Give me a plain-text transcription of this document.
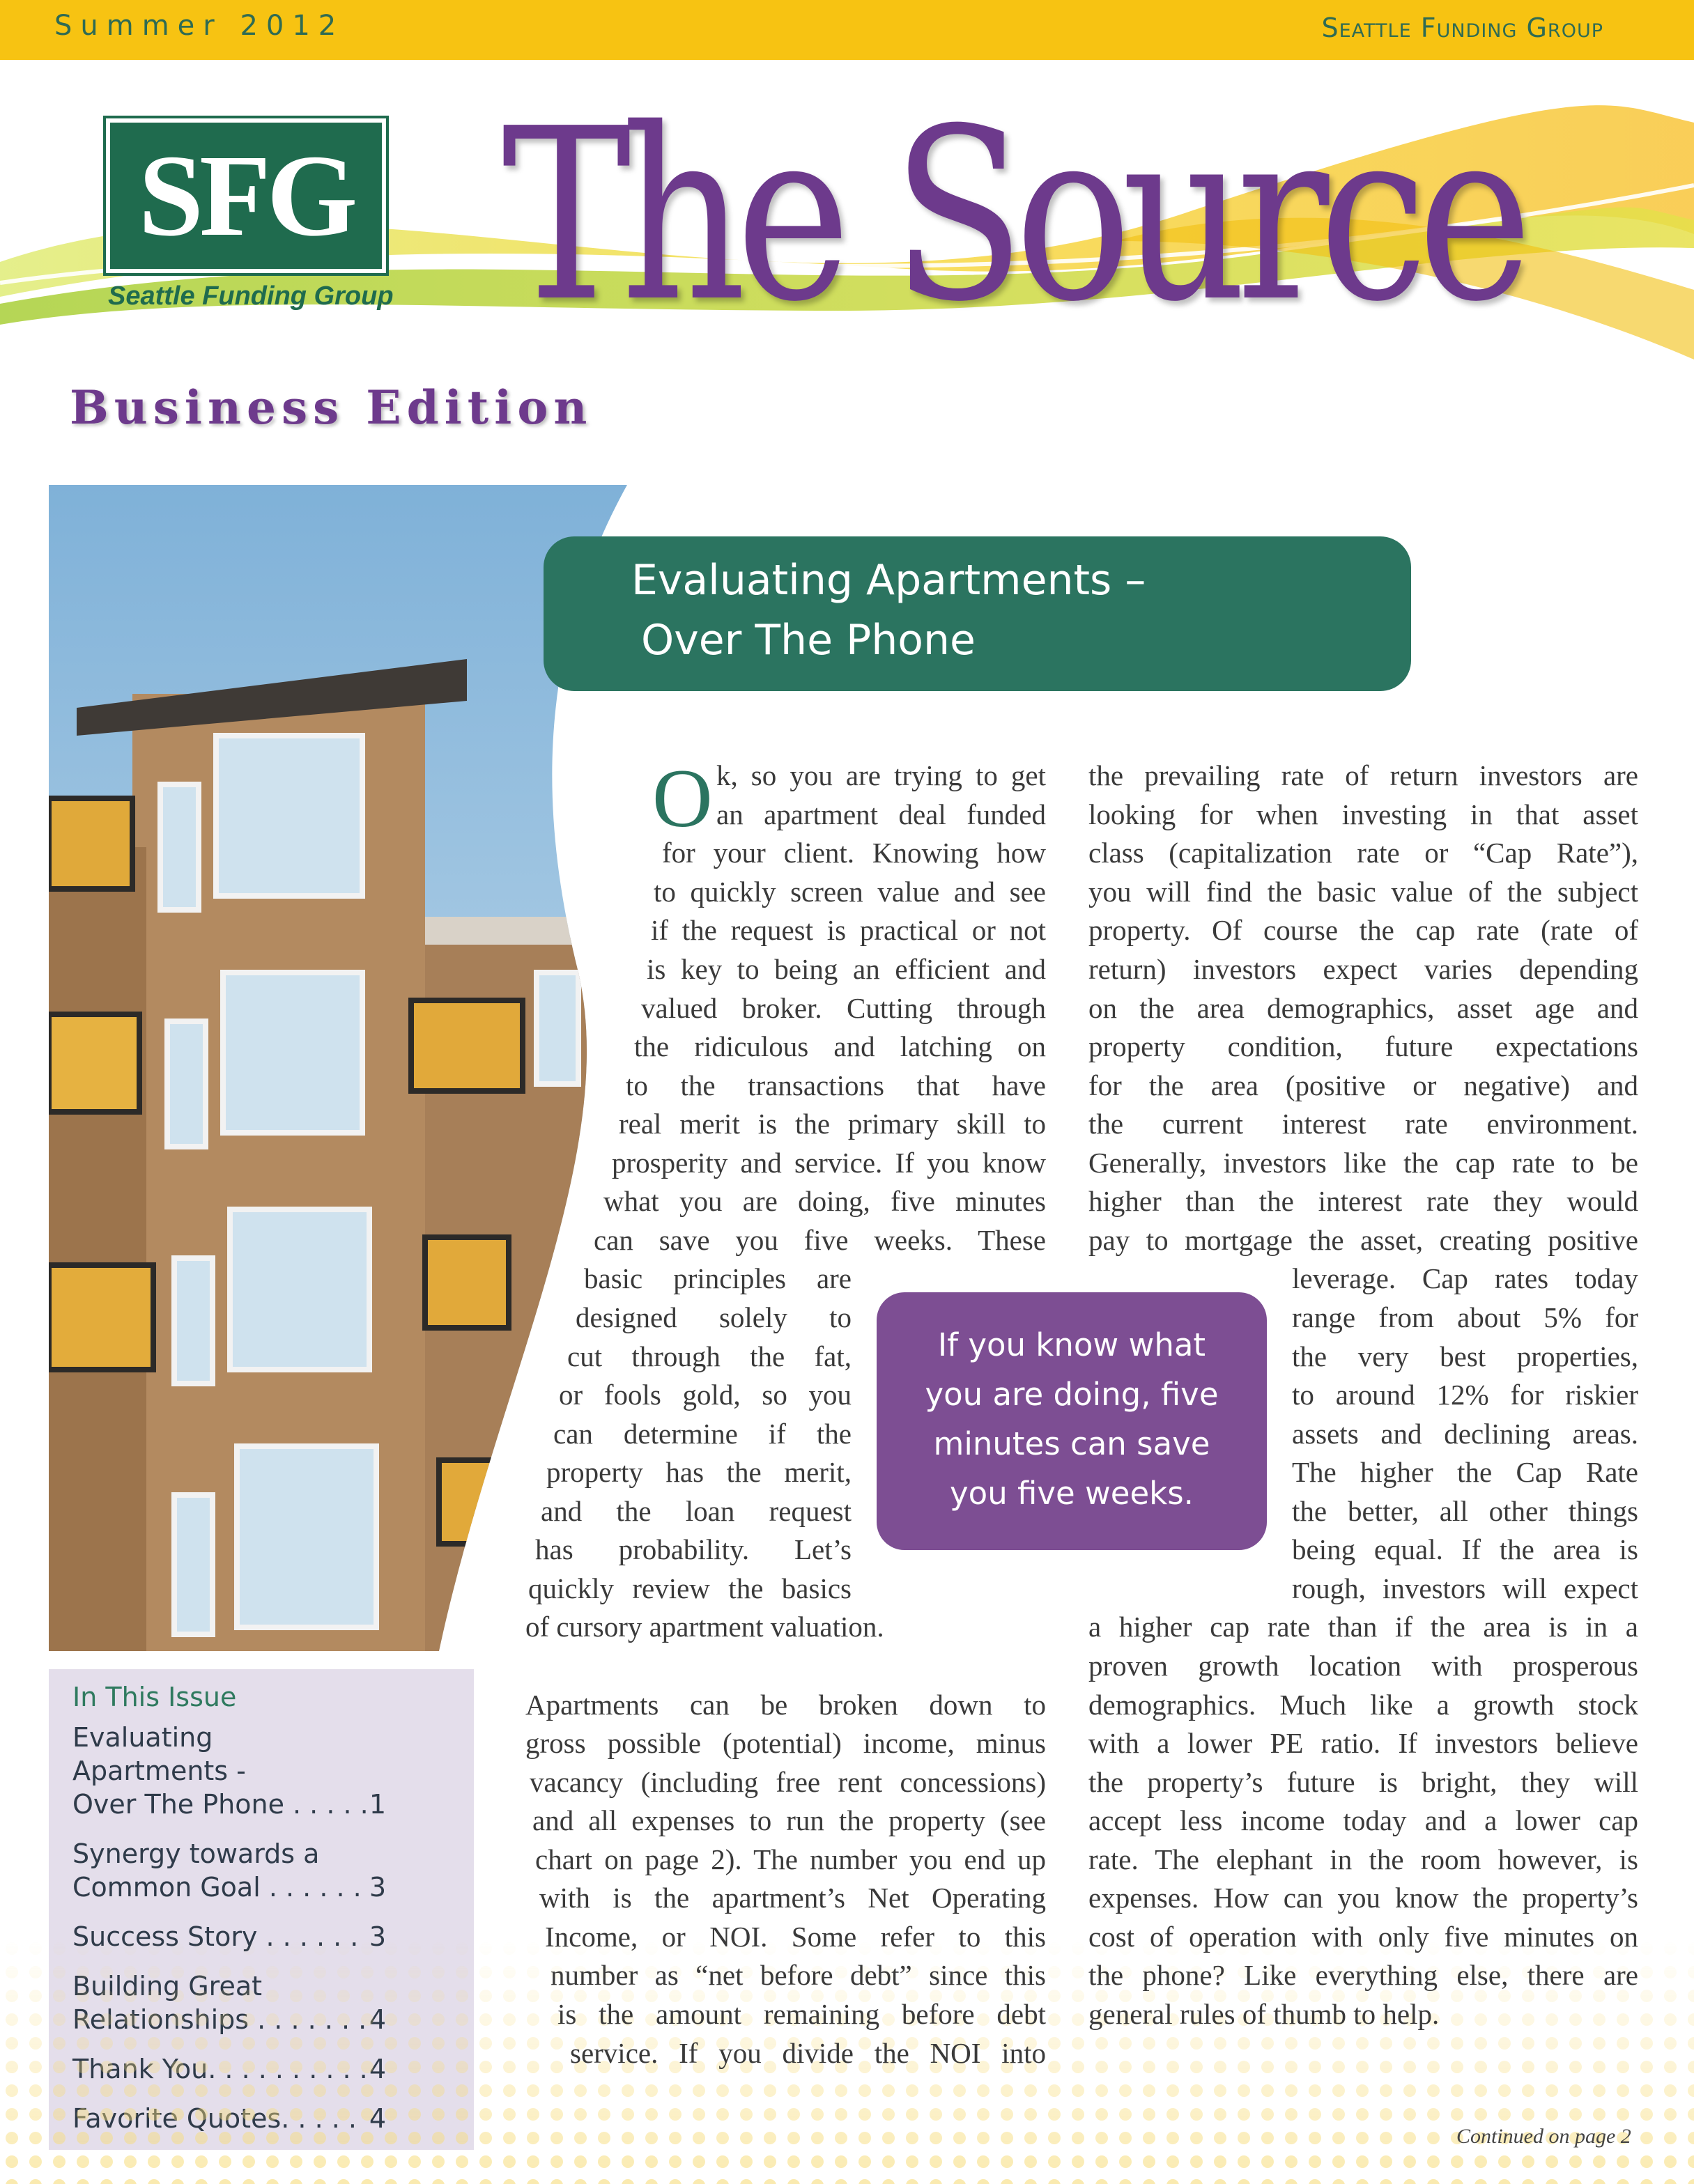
Summer 2012	Seattle Funding Group
SFG
Seattle Funding Group The Source
Business Edition
In This Issue
Evaluating
Apartments -
Over The Phone . . . . . 1
Synergy towards a
Common Goal . . . . . . 3
Evaluating Apartments –
Over The Phone
O k, so you are trying to get
an apartment deal funded
for your client. Knowing how
to quickly screen value and see
if the request is practical or not
is key to being an efficient and
valued broker. Cutting through
the ridiculous and latching on
to the transactions that have
real merit is the primary skill to
prosperity and service. If you know
what you are doing, five minutes
can save you five weeks. These
basic principles are
designed solely to
cut through the fat,
or fools gold, so you
can determine if the
property has the merit,
and the loan request
has probability. Let’s
quickly review the basics
of cursory apartment valuation.
Apartments can be broken down to
gross possible (potential) income, minus
vacancy (including free rent concessions)
and all expenses to run the property (see
chart on page 2). The number you end up
with is the apartment’s Net Operating
Income, or NOI. Some refer to this
number as “net before debt” since this
is the amount remaining before debt
service. If you divide the NOI into
the prevailing rate of return investors are
looking for when investing in that asset
class (capitalization rate or “Cap Rate”),
you will find the basic value of the subject
property. Of course the cap rate (rate of
return) investors expect varies depending
on the area demographics, asset age and
property condition, future expectations
for the area (positive or negative) and
the current interest rate environment.
Generally, investors like the cap rate to be
higher than the interest rate they would
pay to mortgage the asset, creating positive
leverage. Cap rates today
range from about 5% for
the very best properties,
to around 12% for riskier
assets and declining areas.
The higher the Cap Rate
the better, all other things
being equal. If the area is
rough, investors will expect
a higher cap rate than if the area is in a
proven growth location with prosperous
demographics. Much like a growth stock
with a lower PE ratio. If investors believe
the property’s future is bright, they will
accept less income today and a lower cap
rate. The elephant in the room however, is
expenses. How can you know the property’s
cost of operation with only five minutes on
the phone? Like everything else, there are
general rules of thumb to help.
If you know what
you are doing, five
minutes can save
you five weeks.
Continued on page 2
